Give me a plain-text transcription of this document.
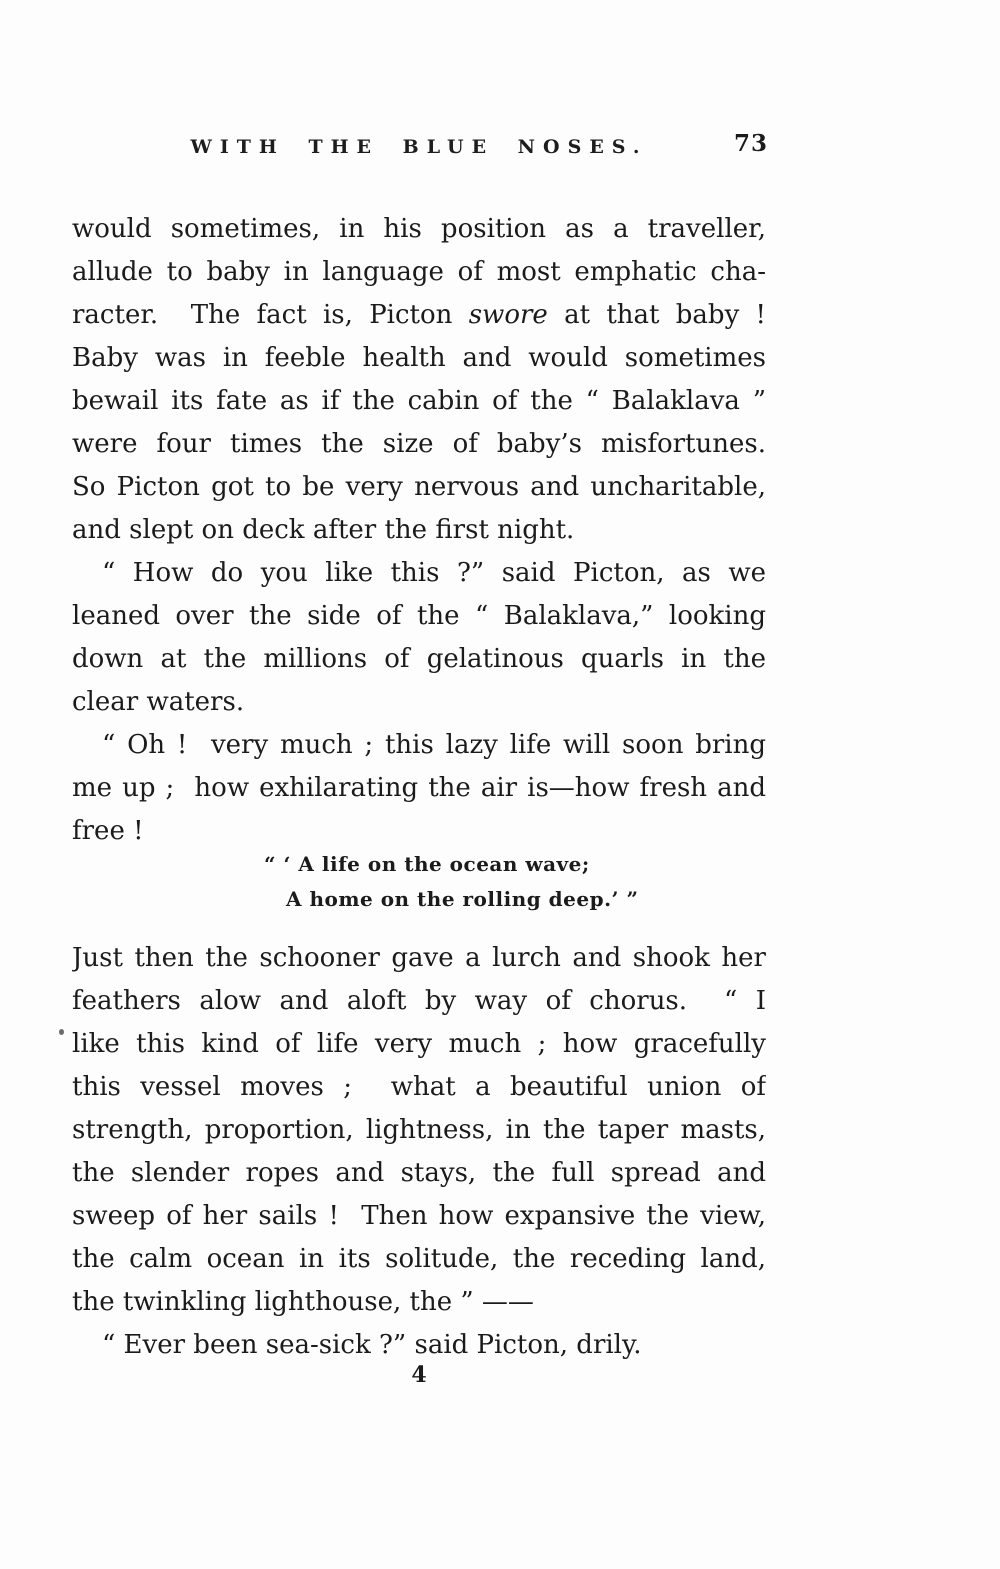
WITH THE BLUE NOSES.	73
would sometimes, in his position as a traveller,
allude to baby in language of most emphatic cha-
racter.  The fact is, Picton swore at that baby !
Baby was in feeble health and would sometimes
bewail its fate as if the cabin of the “ Balaklava ”
were four times the size of baby’s misfortunes.
So Picton got to be very nervous and uncharitable,
and slept on deck after the first night.
“ How do you like this ?” said Picton, as we
leaned over the side of the “ Balaklava,” looking
down at the millions of gelatinous quarls in the
clear waters.
“ Oh !  very much ; this lazy life will soon bring
me up ;  how exhilarating the air is—how fresh and
free !
“ ‘ A life on the ocean wave;
A home on the rolling deep.’ ”
Just then the schooner gave a lurch and shook her
feathers alow and aloft by way of chorus.  “ I
like this kind of life very much ; how gracefully
this vessel moves ;  what a beautiful union of
strength, proportion, lightness, in the taper masts,
the slender ropes and stays, the full spread and
sweep of her sails !  Then how expansive the view,
the calm ocean in its solitude, the receding land,
the twinkling lighthouse, the ” ——
“ Ever been sea-sick ?” said Picton, drily.
4
